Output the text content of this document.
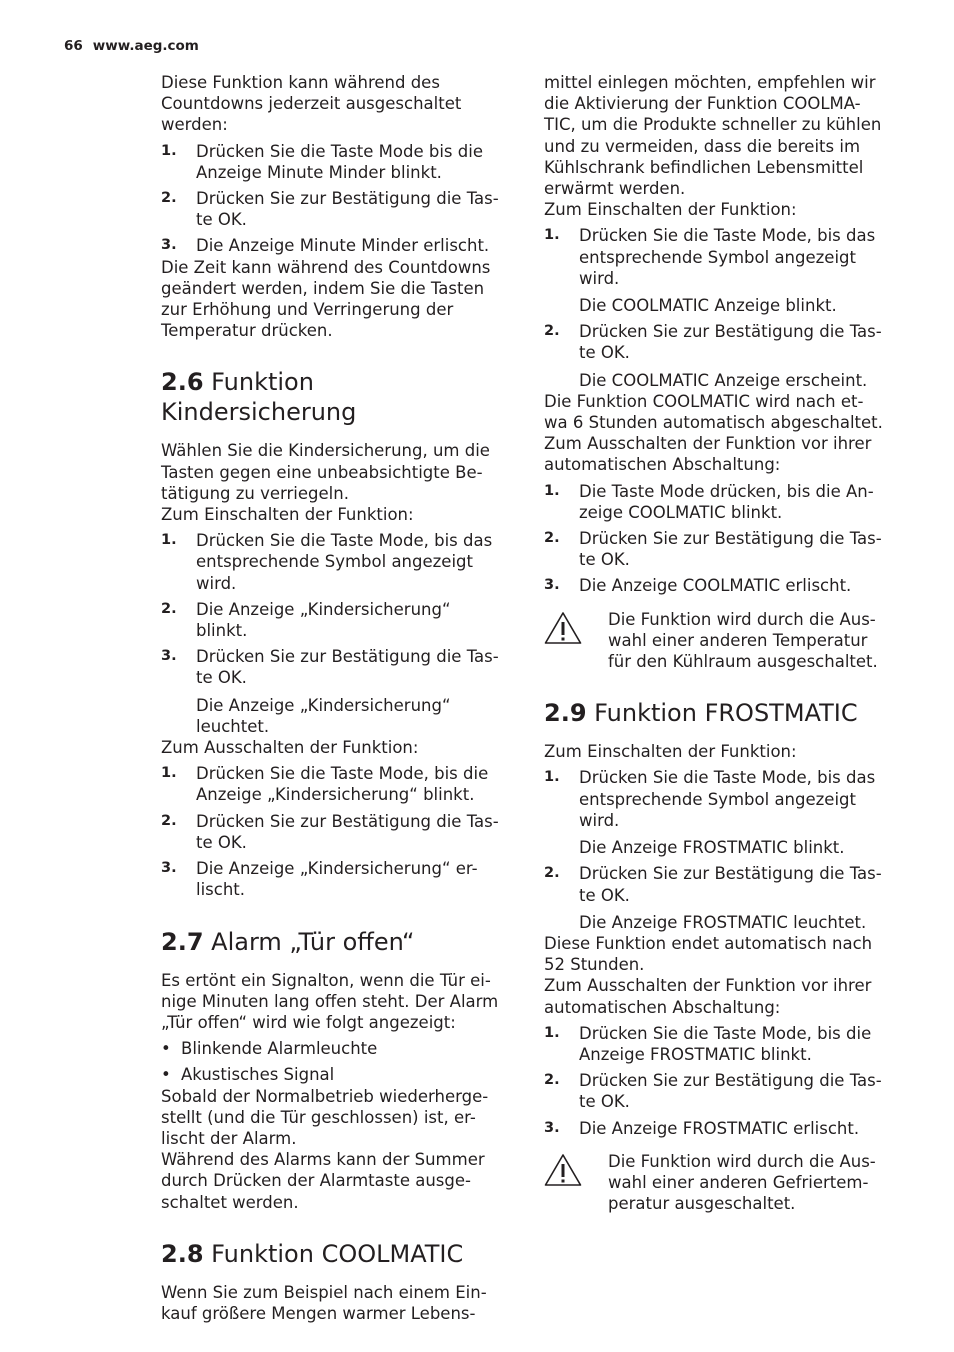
66 www.aeg.com

Diese Funktion kann während des
Countdowns jederzeit ausgeschaltet
werden:

1. Drücken Sie die Taste Mode bis die
Anzeige Minute Minder blinkt.
2. Drücken Sie zur Bestätigung die Tas-
te OK.
3. Die Anzeige Minute Minder erlischt.

Die Zeit kann während des Countdowns
geändert werden, indem Sie die Tasten
zur Erhöhung und Verringerung der
Temperatur drücken.

2.6 Funktion Kindersicherung

Wählen Sie die Kindersicherung, um die
Tasten gegen eine unbeabsichtigte Be-
tätigung zu verriegeln.
Zum Einschalten der Funktion:

1. Drücken Sie die Taste Mode, bis das
entsprechende Symbol angezeigt
wird.
2. Die Anzeige „Kindersicherung“
blinkt.
3. Drücken Sie zur Bestätigung die Tas-
te OK.
Die Anzeige „Kindersicherung“
leuchtet.

Zum Ausschalten der Funktion:

1. Drücken Sie die Taste Mode, bis die
Anzeige „Kindersicherung“ blinkt.
2. Drücken Sie zur Bestätigung die Tas-
te OK.
3. Die Anzeige „Kindersicherung“ er-
lischt.
2.7 Alarm „Tür offen“

Es ertönt ein Signalton, wenn die Tür ei-
nige Minuten lang offen steht. Der Alarm
„Tür offen“ wird wie folgt angezeigt:

• Blinkende Alarmleuchte
• Akustisches Signal

Sobald der Normalbetrieb wiederherge-
stellt (und die Tür geschlossen) ist, er-
lischt der Alarm.
Während des Alarms kann der Summer
durch Drücken der Alarmtaste ausge-
schaltet werden.

2.8 Funktion COOLMATIC

Wenn Sie zum Beispiel nach einem Ein-
kauf größere Mengen warmer Lebens-

mittel einlegen möchten, empfehlen wir
die Aktivierung der Funktion COOLMA-
TIC, um die Produkte schneller zu kühlen
und zu vermeiden, dass die bereits im
Kühlschrank befindlichen Lebensmittel
erwärmt werden.
Zum Einschalten der Funktion:

1. Drücken Sie die Taste Mode, bis das
entsprechende Symbol angezeigt
wird.
Die COOLMATIC Anzeige blinkt.
2. Drücken Sie zur Bestätigung die Tas-
te OK.
Die COOLMATIC Anzeige erscheint.

Die Funktion COOLMATIC wird nach et-
wa 6 Stunden automatisch abgeschaltet.
Zum Ausschalten der Funktion vor ihrer
automatischen Abschaltung:

1. Die Taste Mode drücken, bis die An-
zeige COOLMATIC blinkt.
2. Drücken Sie zur Bestätigung die Tas-
te OK.
3. Die Anzeige COOLMATIC erlischt.
Die Funktion wird durch die Aus-
wahl einer anderen Temperatur
für den Kühlraum ausgeschaltet.
2.9 Funktion FROSTMATIC

Zum Einschalten der Funktion:

1. Drücken Sie die Taste Mode, bis das
entsprechende Symbol angezeigt
wird.
Die Anzeige FROSTMATIC blinkt.
2. Drücken Sie zur Bestätigung die Tas-
te OK.
Die Anzeige FROSTMATIC leuchtet.

Diese Funktion endet automatisch nach
52 Stunden.
Zum Ausschalten der Funktion vor ihrer
automatischen Abschaltung:

1. Drücken Sie die Taste Mode, bis die
Anzeige FROSTMATIC blinkt.
2. Drücken Sie zur Bestätigung die Tas-
te OK.
3. Die Anzeige FROSTMATIC erlischt.
Die Funktion wird durch die Aus-
wahl einer anderen Gefriertem-
peratur ausgeschaltet.
